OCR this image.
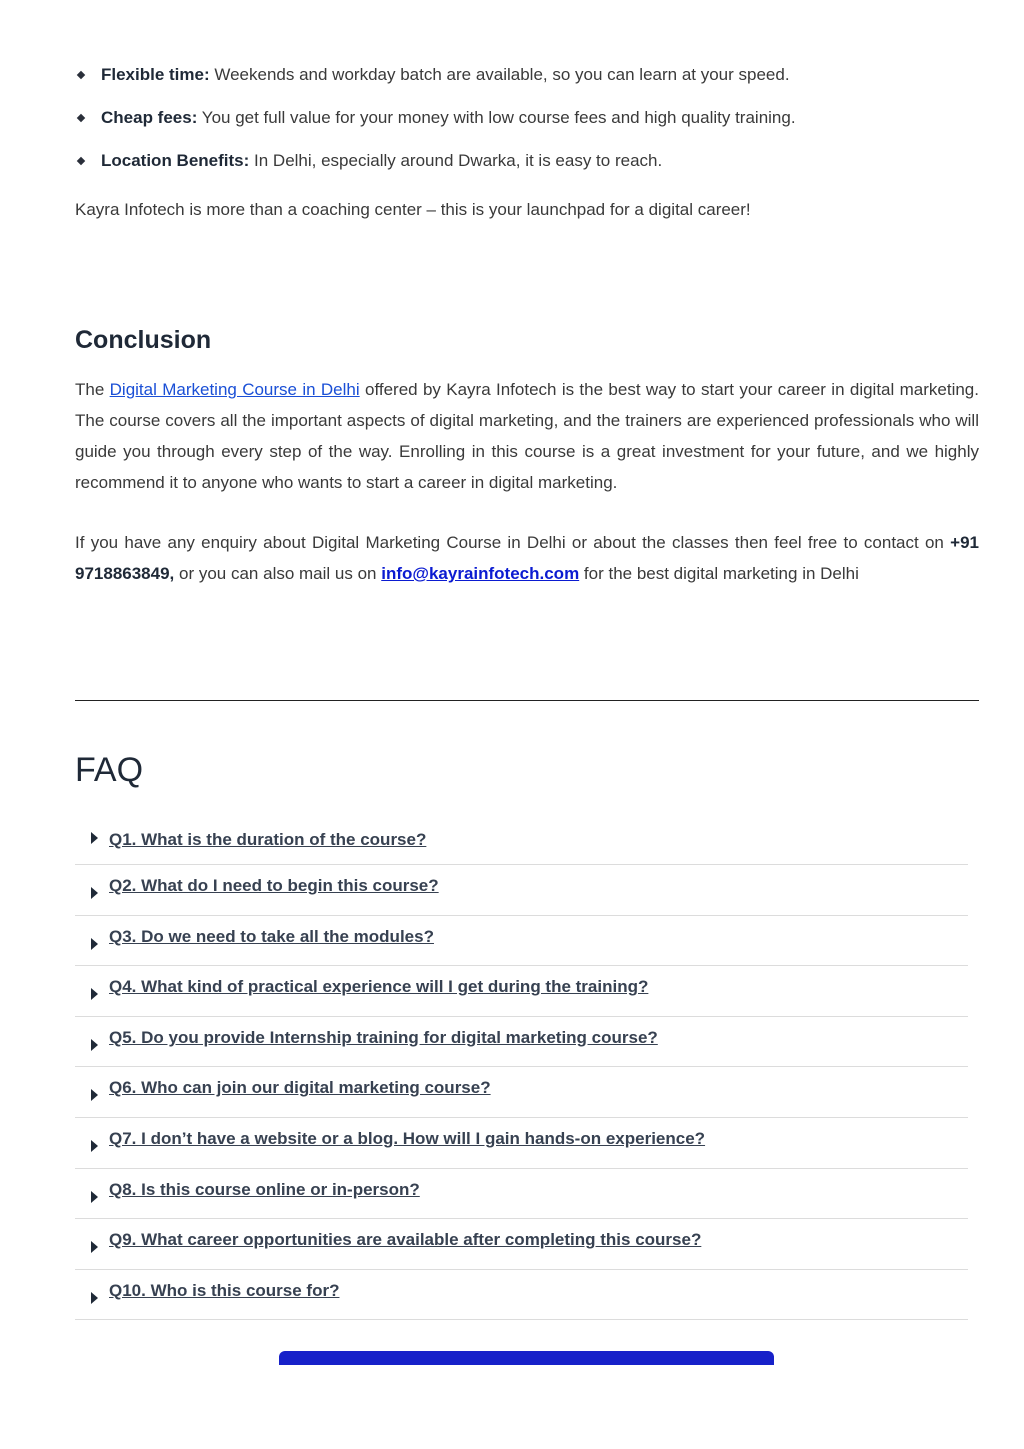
Flexible time: Weekends and workday batch are available, so you can learn at your speed.
Cheap fees: You get full value for your money with low course fees and high quality training.
Location Benefits: In Delhi, especially around Dwarka, it is easy to reach.

Kayra Infotech is more than a coaching center – this is your launchpad for a digital career!

Conclusion

The Digital Marketing Course in Delhi offered by Kayra Infotech is the best way to start your career in digital marketing. The course covers all the important aspects of digital marketing, and the trainers are experienced professionals who will guide you through every step of the way. Enrolling in this course is a great investment for your future, and we highly recommend it to anyone who wants to start a career in digital marketing.

If you have any enquiry about Digital Marketing Course in Delhi or about the classes then feel free to contact on +91 9718863849, or you can also mail us on info@kayrainfotech.com for the best digital marketing in Delhi

FAQ
Q1. What is the duration of the course?
Q2. What do I need to begin this course?
Q3. Do we need to take all the modules?
Q4. What kind of practical experience will I get during the training?
Q5. Do you provide Internship training for digital marketing course?
Q6. Who can join our digital marketing course?
Q7. I don’t have a website or a blog. How will I gain hands-on experience?
Q8. Is this course online or in-person?
Q9. What career opportunities are available after completing this course?
Q10. Who is this course for?
